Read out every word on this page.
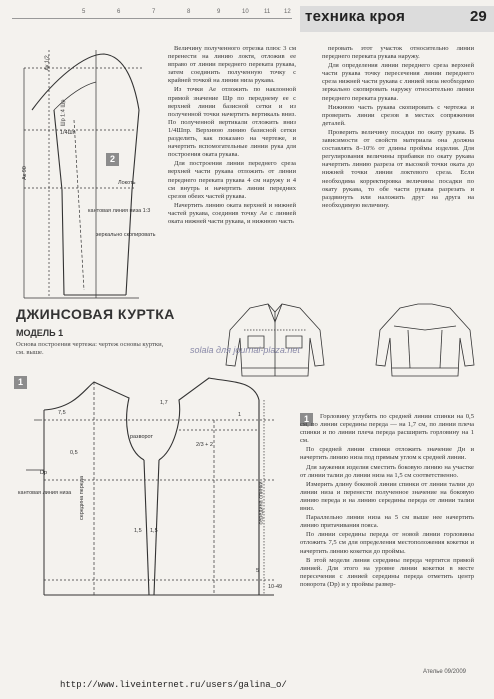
5	6	7	8	9	10	11 12 техника кроя	29
Ак 1/2
Ак 90
Шр 1:4 Шр
Локоть
кантовая линия низа 1:3
зеркально скопировать
1/4Шп
2

Величину полученного отрезка плюс 3 см перенести на линию локтя, отложив ее вправо от линии переднего переката рукава, затем соединить полученную точку с крайней точкой на линии низа рукава.

Из точки Ае отложить по наклонной прямой значение Шр по переднему ее с верхней линии базисной сетки и из полученной точки начертить вертикаль вниз. По полученной вертикали отложить вниз 1/4Шпр. Верхнюю линию базисной сетки разделить, как показано на чертеже, и начертить вспомогательные линии рука для построения оката рукава.

Для построения линии переднего среза верхней части рукава отложить от линии переднего переката рукава 4 см наружу и 4 см внутрь и начертить линии передних срезов обеих частей рукава.

Начертить линию оката верхней и нижней частей рукава, соединив точку Ае с линией оката нижней части рукава, и нижнюю часть

перовать этот участок относительно линии переднего переката рукава наружу.

Для определения линии переднего среза верхней части рукава точку пересечения линии переднего среза нижней части рукава с линией низа необходимо зеркально скопировать наружу относительно линии переднего переката рукава.

Нижнюю часть рукава скопировать с чертежа и проверить линии срезов в местах сопряжения деталей.

Проверить величину посадки по окату рукава. В зависимости от свойств материала она должна составлять 8–10% от длины проймы изделия. Для регулирования величины прибавки по окату рукава начертить линию разреза от высокой точки оката до нижней точки линии локтевого среза. Если необходима корректировка величины посадки по окату рукава, то обе части рукава разрезать и раздвинуть или наложить друг на друга на необходимую величину.

ДЖИНСОВАЯ КУРТКА
МОДЕЛЬ 1
Основа построения чертежа: чертеж основы куртки, см. выше.	solala для journal-plaza.net
1
7,5
0,5
разворот
Dp
кантовая линия низа середина переда	середина спинки
2/3 + 2
1,7
1,5
1
10-49
1,5
5
1	Горловину углубить по средней линии спинки на 0,5 см, по линии середины переда — на 1,7 см, по линии плеча спинки и по линии плеча переда расширить горловину на 1 см.

По средней линии спинки отложить значение Дн и начертить линию низа под прямым углом к средней линии.

Для заужения изделия сместить боковую линию на участке от линии талии до линии низа на 1,5 см соответственно.

Измерить длину боковой линии спинки от линии талии до линии низа и перенести полученное значение на боковую линию переда и на линию середины переда от линии талии вниз.

Параллельно линии низа на 5 см выше нее начертить линию притачивания пояса.

По линии середины переда от новой линии горловины отложить 7,5 см для определения местоположения кокетки и начертить линию кокетки до проймы.

В этой модели линия середины переда чертится прямой линией. Для этого на уровне линии кокетки в месте пересечения с линией середины переда отметить центр поворота (Dp) и у проймы развер-

Ателье 09/2009
http://www.liveinternet.ru/users/galina_o/
